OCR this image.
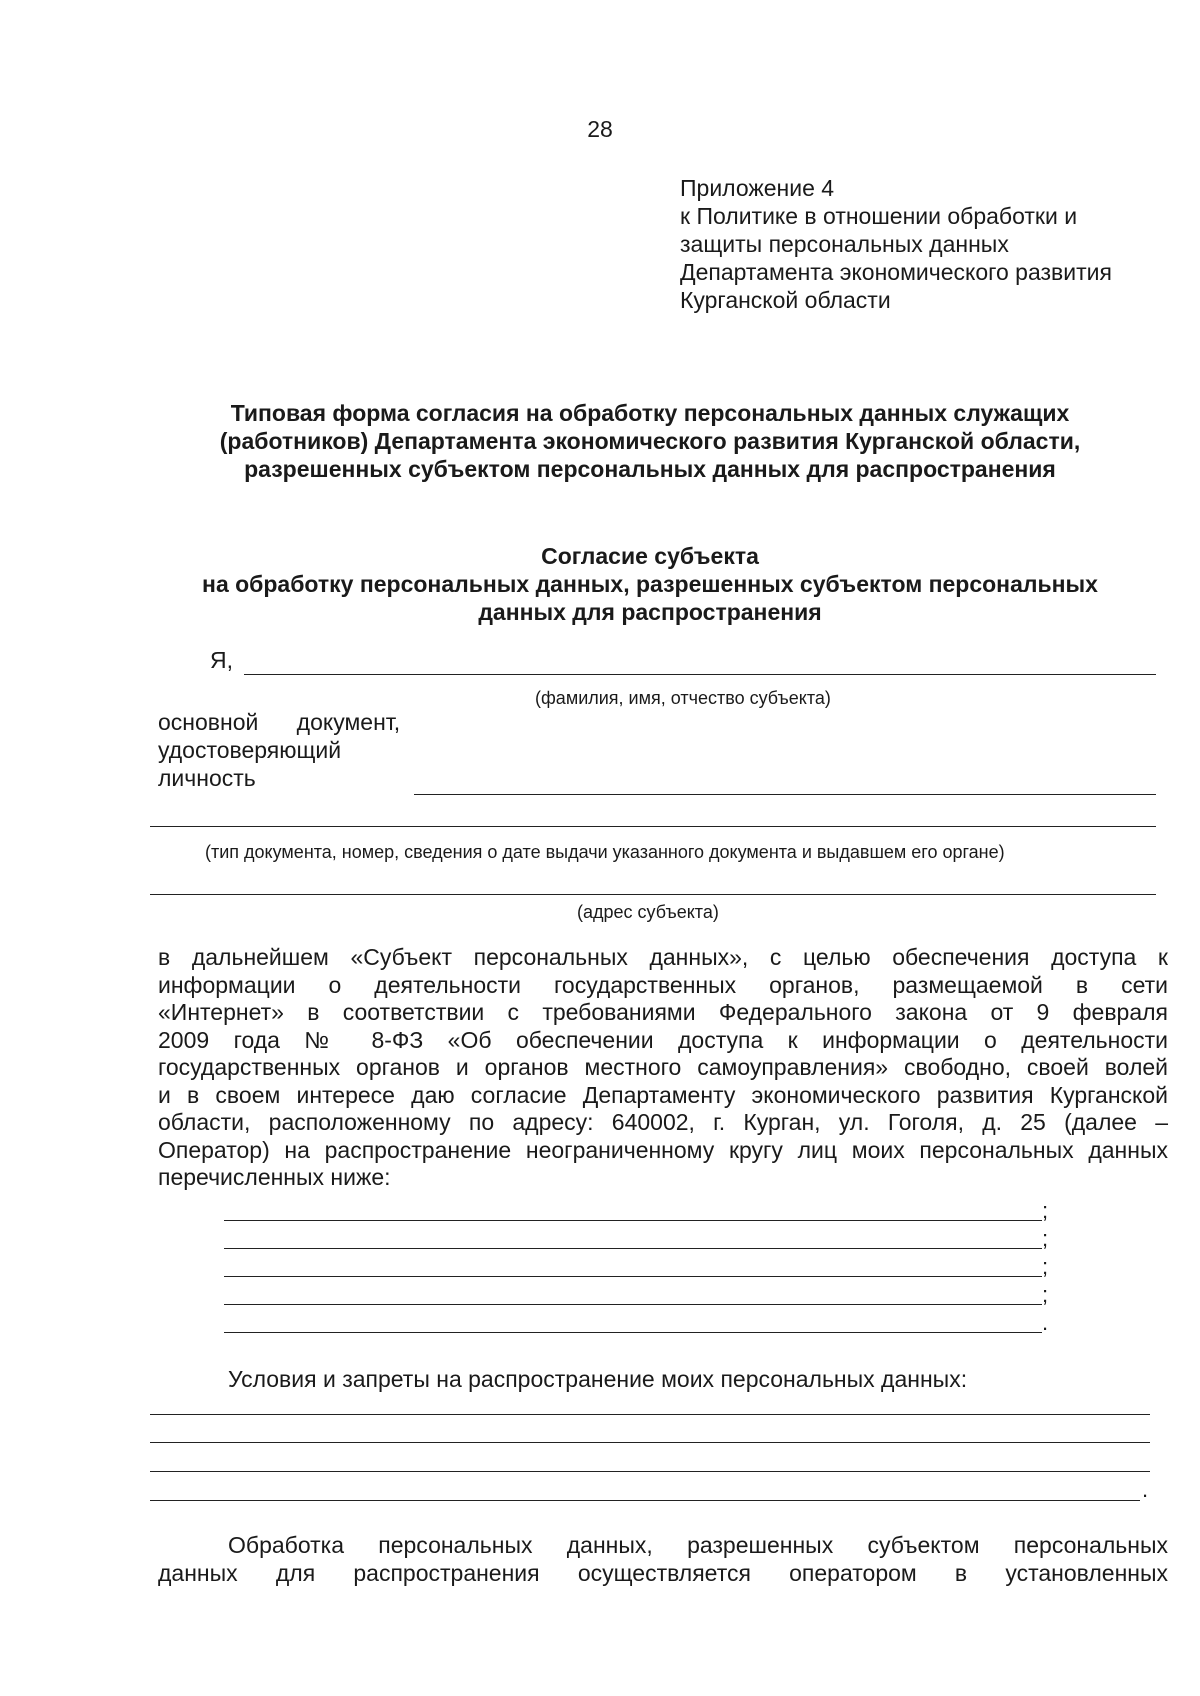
28
Приложение 4
к Политике в отношении обработки и
защиты персональных данных
Департамента экономического развития
Курганской области
Типовая форма согласия на обработку персональных данных служащих
(работников) Департамента экономического развития Курганской области,
разрешенных субъектом персональных данных для распространения
Согласие субъекта
на обработку персональных данных, разрешенных субъектом персональных
данных для распространения
Я,
(фамилия, имя, отчество субъекта)
основной      документ,
удостоверяющий
личность
(тип документа, номер, сведения о дате выдачи указанного документа и выдавшем его органе)
(адрес субъекта)
в дальнейшем «Субъект персональных данных», с целью обеспечения доступа к
информации о деятельности государственных органов, размещаемой в сети
«Интернет» в соответствии с требованиями Федерального закона от 9 февраля
2009 года № 8-ФЗ «Об обеспечении доступа к информации о деятельности
государственных органов и органов местного самоуправления» свободно, своей волей
и в своем интересе даю согласие Департаменту экономического развития Курганской
области, расположенному по адресу: 640002, г. Курган, ул. Гоголя, д. 25 (далее –
Оператор) на распространение неограниченному кругу лиц моих персональных данных
перечисленных ниже:
;
;
;
;
.
Условия и запреты на распространение моих персональных данных:
.
Обработка персональных данных, разрешенных субъектом персональных
данных для распространения осуществляется оператором в установленных
